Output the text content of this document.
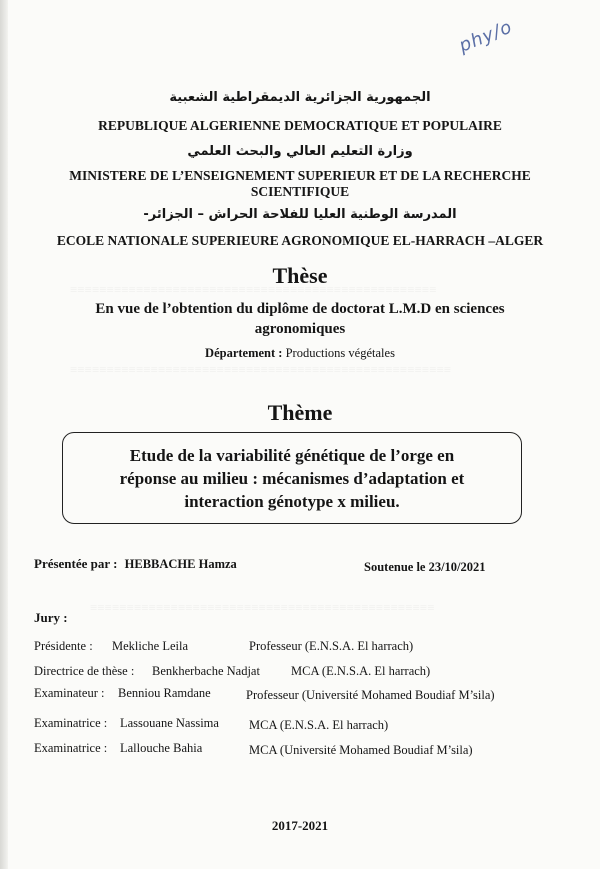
phy/o
≡≡≡≡≡≡≡≡≡≡≡≡≡≡≡≡≡≡≡≡≡≡≡≡≡≡≡≡≡≡≡≡≡≡≡≡≡≡≡≡≡≡≡≡≡≡≡≡≡≡
≡≡≡≡≡≡≡≡≡≡≡≡≡≡≡≡≡≡≡≡≡≡≡≡≡≡≡≡≡≡≡≡≡≡≡≡≡≡≡≡≡≡≡≡≡≡≡≡≡≡≡≡
≡≡≡≡≡≡≡≡≡≡≡≡≡≡≡≡≡≡≡≡≡≡≡≡≡≡≡≡≡≡≡≡≡≡≡≡≡≡≡≡≡≡≡≡≡≡≡
الجمهورية الجزائرية الديمقراطية الشعبية
REPUBLIQUE ALGERIENNE DEMOCRATIQUE ET POPULAIRE
وزارة التعليم العالي والبحث العلمي
MINISTERE DE L’ENSEIGNEMENT SUPERIEUR ET DE LA RECHERCHE
SCIENTIFIQUE
المدرسة الوطنية العليا للفلاحة الحراش – الجزائر-
ECOLE NATIONALE SUPERIEURE AGRONOMIQUE EL-HARRACH –ALGER
Thèse
En vue de l’obtention du diplôme de doctorat L.M.D en sciences
agronomiques
Département : Productions végétales
Thème
Etude de la variabilité génétique de l’orge en
réponse au milieu : mécanismes d’adaptation et
interaction génotype x milieu.
Présentée par : HEBBACHE Hamza	Soutenue le 23/10/2021
Jury :
Présidente : Mekliche Leila	Professeur (E.N.S.A. El harrach)
Directrice de thèse : Benkherbache Nadjat MCA (E.N.S.A. El harrach)
Examinateur : Benniou Ramdane	Professeur (Université Mohamed Boudiaf M’sila)
Examinatrice : Lassouane Nassima MCA (E.N.S.A. El harrach)
Examinatrice : Lallouche Bahia	MCA (Université Mohamed Boudiaf M’sila)
2017-2021
